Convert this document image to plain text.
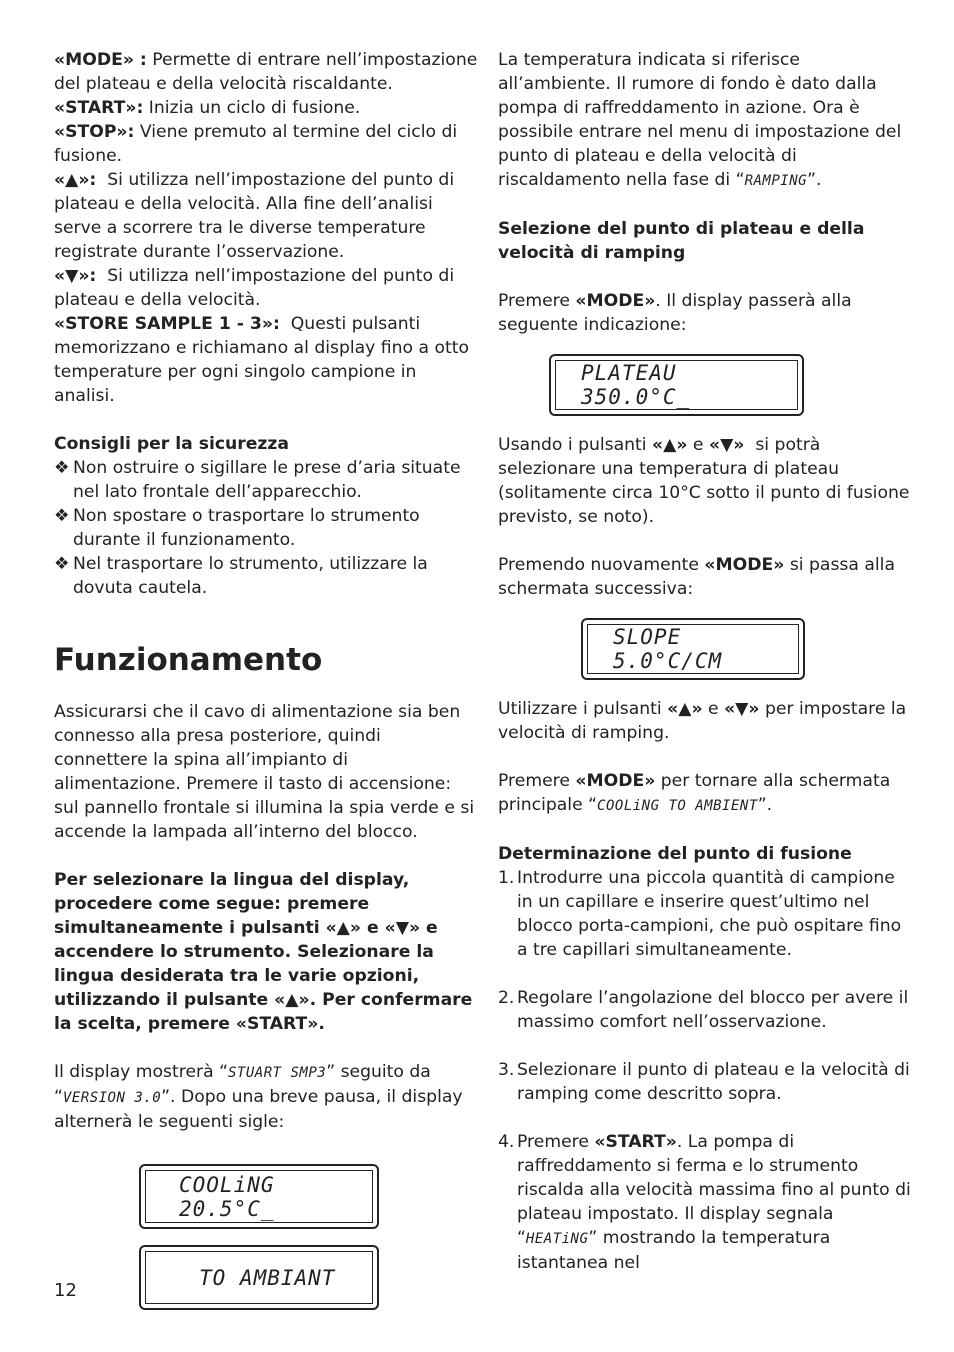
«MODE» : Permette di entrare nell’impostazione del plateau e della velocità riscaldante.

«START»: Inizia un ciclo di fusione.

«STOP»: Viene premuto al termine del ciclo di fusione.

«▲»:  Si utilizza nell’impostazione del punto di plateau e della velocità. Alla fine dell’analisi serve a scorrere tra le diverse temperature registrate durante l’osservazione.

«▼»:  Si utilizza nell’impostazione del punto di plateau e della velocità.

«STORE SAMPLE 1 - 3»:  Questi pulsanti memorizzano e richiamano al display fino a otto temperature per ogni singolo campione in analisi.

Consigli per la sicurezza

❖ Non ostruire o sigillare le prese d’aria situate nel lato frontale dell’apparecchio.
❖ Non spostare o trasportare lo strumento durante il funzionamento.
❖ Nel trasportare lo strumento, utilizzare la dovuta cautela.
Funzionamento

Assicurarsi che il cavo di alimentazione sia ben connesso alla presa posteriore, quindi connettere la spina all’impianto di alimentazione. Premere il tasto di accensione: sul pannello frontale si illumina la spia verde e si accende la lampada all’interno del blocco.

Per selezionare la lingua del display, procedere come segue: premere simultaneamente i pulsanti «▲» e «▼» e accendere lo strumento. Selezionare la lingua desiderata tra le varie opzioni, utilizzando il pulsante «▲». Per confermare la scelta, premere «START».

Il display mostrerà “STUART SMP3” seguito da “VERSION 3.0”. Dopo una breve pausa, il display alternerà le seguenti sigle:

COOLiNG 20.5°C_
TO AMBIANT

La temperatura indicata si riferisce all’ambiente. Il rumore di fondo è dato dalla pompa di raffreddamento in azione. Ora è possibile entrare nel menu di impostazione del punto di plateau e della velocità di riscaldamento nella fase di “RAMPING”.

Selezione del punto di plateau e della velocità di ramping

Premere «MODE». Il display passerà alla seguente indicazione:

PLATEAU 350.0°C_

Usando i pulsanti «▲» e «▼»  si potrà selezionare una temperatura di plateau (solitamente circa 10°C sotto il punto di fusione previsto, se noto).

Premendo nuovamente «MODE» si passa alla schermata successiva:

SLOPE 5.0°C/CM

Utilizzare i pulsanti «▲» e «▼» per impostare la velocità di ramping.

Premere «MODE» per tornare alla schermata principale “COOLiNG TO AMBIENT”.

Determinazione del punto di fusione

1. Introdurre una piccola quantità di campione in un capillare e inserire quest’ultimo nel blocco porta-campioni, che può ospitare fino a tre capillari simultaneamente.
2. Regolare l’angolazione del blocco per avere il massimo comfort nell’osservazione.
3. Selezionare il punto di plateau e la velocità di ramping come descritto sopra.
4. Premere «START». La pompa di raffreddamento si ferma e lo strumento riscalda alla velocità massima fino al punto di plateau impostato. Il display segnala “HEATiNG” mostrando la temperatura istantanea nel
12
